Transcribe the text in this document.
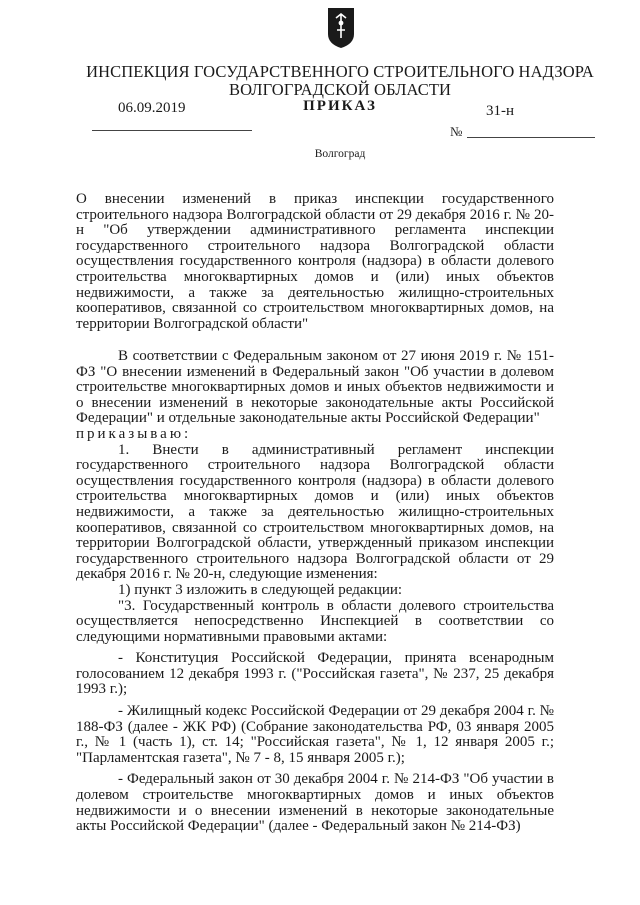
ИНСПЕКЦИЯ ГОСУДАРСТВЕННОГО СТРОИТЕЛЬНОГО НАДЗОРА
ВОЛГОГРАДСКОЙ ОБЛАСТИ
06.09.2019	ПРИКАЗ	31-н
№
Волгоград

О внесении изменений в приказ инспекции государственного строительного надзора Волгоградской области от 29 декабря 2016 г. № 20-н "Об утверждении административного регламента инспекции государственного строительного надзора Волгоградской области осуществления государственного контроля (надзора) в области долевого строительства многоквартирных домов и (или) иных объектов недвижимости, а также за деятельностью жилищно-строительных кооперативов, связанной со строительством многоквартирных домов, на территории Волгоградской области"

В соответствии с Федеральным законом от 27 июня 2019 г. № 151-ФЗ "О внесении изменений в Федеральный закон "Об участии в долевом строительстве многоквартирных домов и иных объектов недвижимости и о внесении изменений в некоторые законодательные акты Российской Федерации" и отдельные законодательные акты Российской Федерации"

приказываю:

1. Внести в административный регламент инспекции государственного строительного надзора Волгоградской области осуществления государственного контроля (надзора) в области долевого строительства многоквартирных домов и (или) иных объектов недвижимости, а также за деятельностью жилищно-строительных кооперативов, связанной со строительством многоквартирных домов, на территории Волгоградской области, утвержденный приказом инспекции государственного строительного надзора Волгоградской области от 29 декабря 2016 г. № 20-н, следующие изменения:

1) пункт 3 изложить в следующей редакции:

"3. Государственный контроль в области долевого строительства осуществляется непосредственно Инспекцией в соответствии со следующими нормативными правовыми актами:

- Конституция Российской Федерации, принята всенародным голосованием 12 декабря 1993 г. ("Российская газета", № 237, 25 декабря 1993 г.);

- Жилищный кодекс Российской Федерации от 29 декабря 2004 г. № 188-ФЗ (далее - ЖК РФ) (Собрание законодательства РФ, 03 января 2005 г., № 1 (часть 1), ст. 14; "Российская газета", № 1, 12 января 2005 г.; "Парламентская газета", № 7 - 8, 15 января 2005 г.);

- Федеральный закон от 30 декабря 2004 г. № 214-ФЗ "Об участии в долевом строительстве многоквартирных домов и иных объектов недвижимости и о внесении изменений в некоторые законодательные акты Российской Федерации" (далее - Федеральный закон № 214-ФЗ)
